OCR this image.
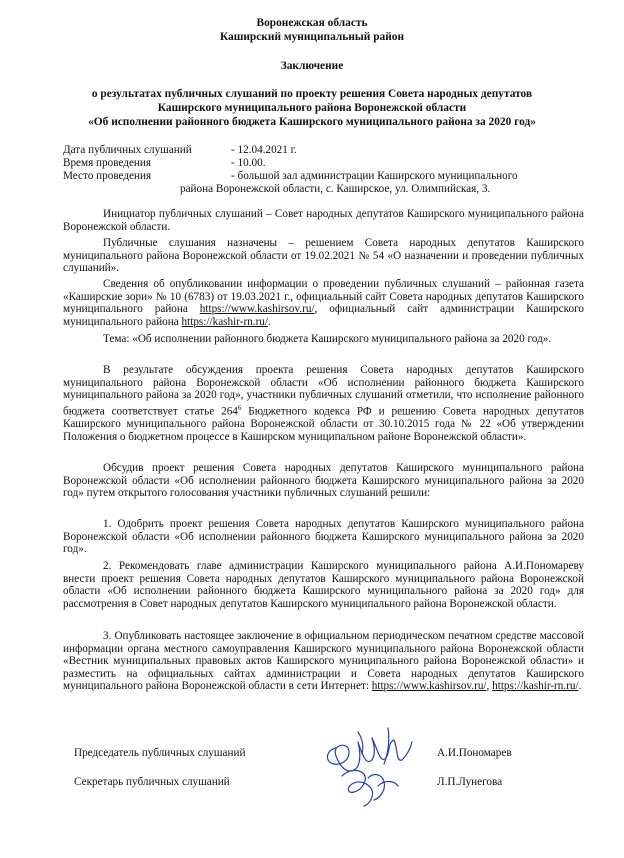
Воронежская область
Каширский муниципальный район
Заключение
о результатах публичных слушаний по проекту решения Совета народных депутатов
Каширского муниципального района Воронежской области
«Об исполнении районного бюджета Каширского муниципального района за 2020 год»
Дата публичных слушаний	- 12.04.2021 г.
Время проведения	- 10.00.
Место проведения	- большой зал администрации Каширского муниципального
района Воронежской области, с. Каширское, ул. Олимпийская, 3.
Инициатор публичных слушаний – Совет народных депутатов Каширского муниципального района Воронежской области.
Публичные слушания назначены – решением Совета народных депутатов Каширского муниципального района Воронежской области от 19.02.2021 № 54 «О назначении и проведении публичных слушаний».
Сведения об опубликовании информации о проведении публичных слушаний – районная газета «Каширские зори» № 10 (6783) от 19.03.2021 г., официальный сайт Совета народных депутатов Каширского муниципального района https://www.kashirsov.ru/, официальный сайт администрации Каширского муниципального района https://kashir-rn.ru/.
Тема: «Об исполнении районного бюджета Каширского муниципального района за 2020 год».
В результате обсуждения проекта решения Совета народных депутатов Каширского муниципального района Воронежской области «Об исполнении районного бюджета Каширского муниципального района за 2020 год», участники публичных слушаний отметили, что исполнение районного бюджета соответствует статье $264^6$ Бюджетного кодекса РФ и решению Совета народных депутатов Каширского муниципального района Воронежской области от 30.10.2015 года № 22 «Об утверждении Положения о бюджетном процессе в Каширском муниципальном районе Воронежской области».
Обсудив проект решения Совета народных депутатов Каширского муниципального района Воронежской области «Об исполнении районного бюджета Каширского муниципального района за 2020 год» путем открытого голосования участники публичных слушаний решили:
1. Одобрить проект решения Совета народных депутатов Каширского муниципального района Воронежской области «Об исполнении районного бюджета Каширского муниципального района за 2020 год».
2. Рекомендовать главе администрации Каширского муниципального района А.И.Пономареву внести проект решения Совета народных депутатов Каширского муниципального района Воронежской области «Об исполнении районного бюджета Каширского муниципального района за 2020 год» для рассмотрения в Совет народных депутатов Каширского муниципального района Воронежской области.
3. Опубликовать настоящее заключение в официальном периодическом печатном средстве массовой информации органа местного самоуправления Каширского муниципального района Воронежской области «Вестник муниципальных правовых актов Каширского муниципального района Воронежской области» и разместить на официальных сайтах администрации и Совета народных депутатов Каширского муниципального района Воронежской области в сети Интернет: https://www.kashirsov.ru/, https://kashir-rn.ru/.
Председатель публичных слушаний	А.И.Пономарев
Секретарь публичных слушаний	Л.П.Лунегова
